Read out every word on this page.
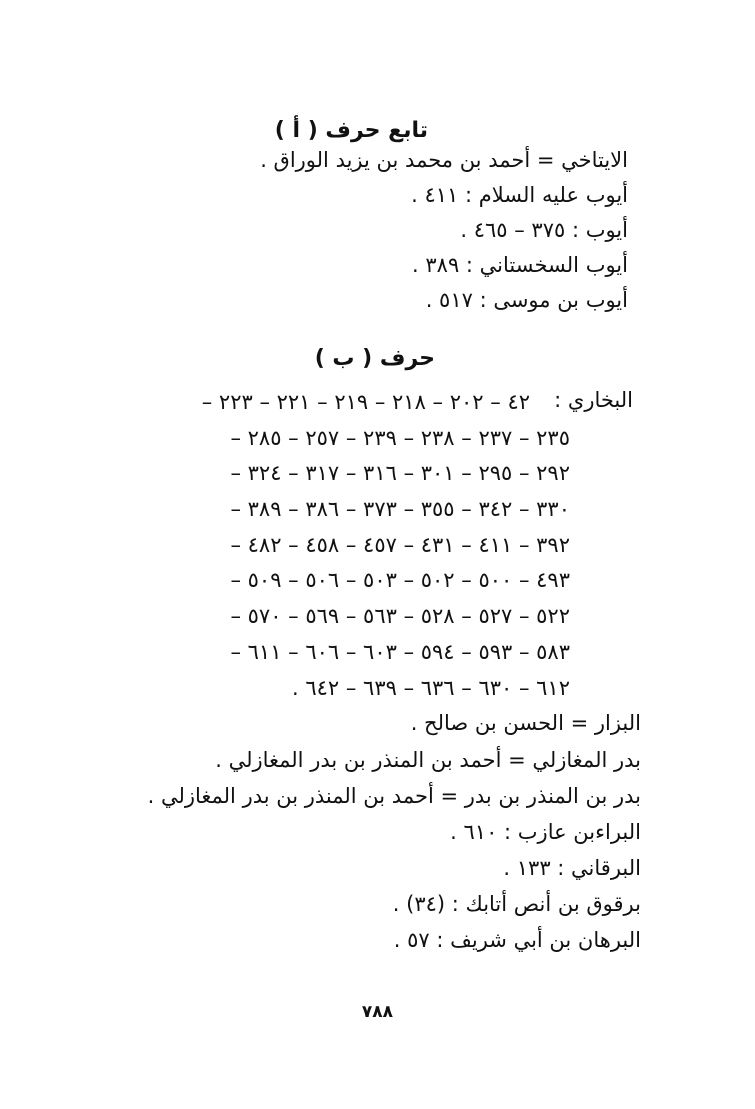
تابع حرف ( أ )
الايتاخي = أحمد بن محمد بن يزيد الوراق .
أيوب عليه السلام : ٤١١ .
أيوب : ٣٧٥ – ٤٦٥ .
أيوب السخستاني : ٣٨٩ .
أيوب بن موسى : ٥١٧ .
حرف ( ب )
البخاري :
٤٢ – ٢٠٢ – ٢١٨ – ٢١٩ – ٢٢١ – ٢٢٣ –
٢٣٥ – ٢٣٧ – ٢٣٨ – ٢٣٩ – ٢٥٧ – ٢٨٥ –
٢٩٢ – ٢٩٥ – ٣٠١ – ٣١٦ – ٣١٧ – ٣٢٤ –
٣٣٠ – ٣٤٢ – ٣٥٥ – ٣٧٣ – ٣٨٦ – ٣٨٩ –
٣٩٢ – ٤١١ – ٤٣١ – ٤٥٧ – ٤٥٨ – ٤٨٢ –
٤٩٣ – ٥٠٠ – ٥٠٢ – ٥٠٣ – ٥٠٦ – ٥٠٩ –
٥٢٢ – ٥٢٧ – ٥٢٨ – ٥٦٣ – ٥٦٩ – ٥٧٠ –
٥٨٣ – ٥٩٣ – ٥٩٤ – ٦٠٣ – ٦٠٦ – ٦١١ –
٦١٢ – ٦٣٠ – ٦٣٦ – ٦٣٩ – ٦٤٢ .
البزار = الحسن بن صالح .
بدر المغازلي = أحمد بن المنذر بن بدر المغازلي .
بدر بن المنذر بن بدر = أحمد بن المنذر بن بدر المغازلي .
البراءبن عازب : ٦١٠ .
البرقاني : ١٣٣ .
برقوق بن أنص أتابك : (٣٤) .
البرهان بن أبي شريف : ٥٧ .
٧٨٨
